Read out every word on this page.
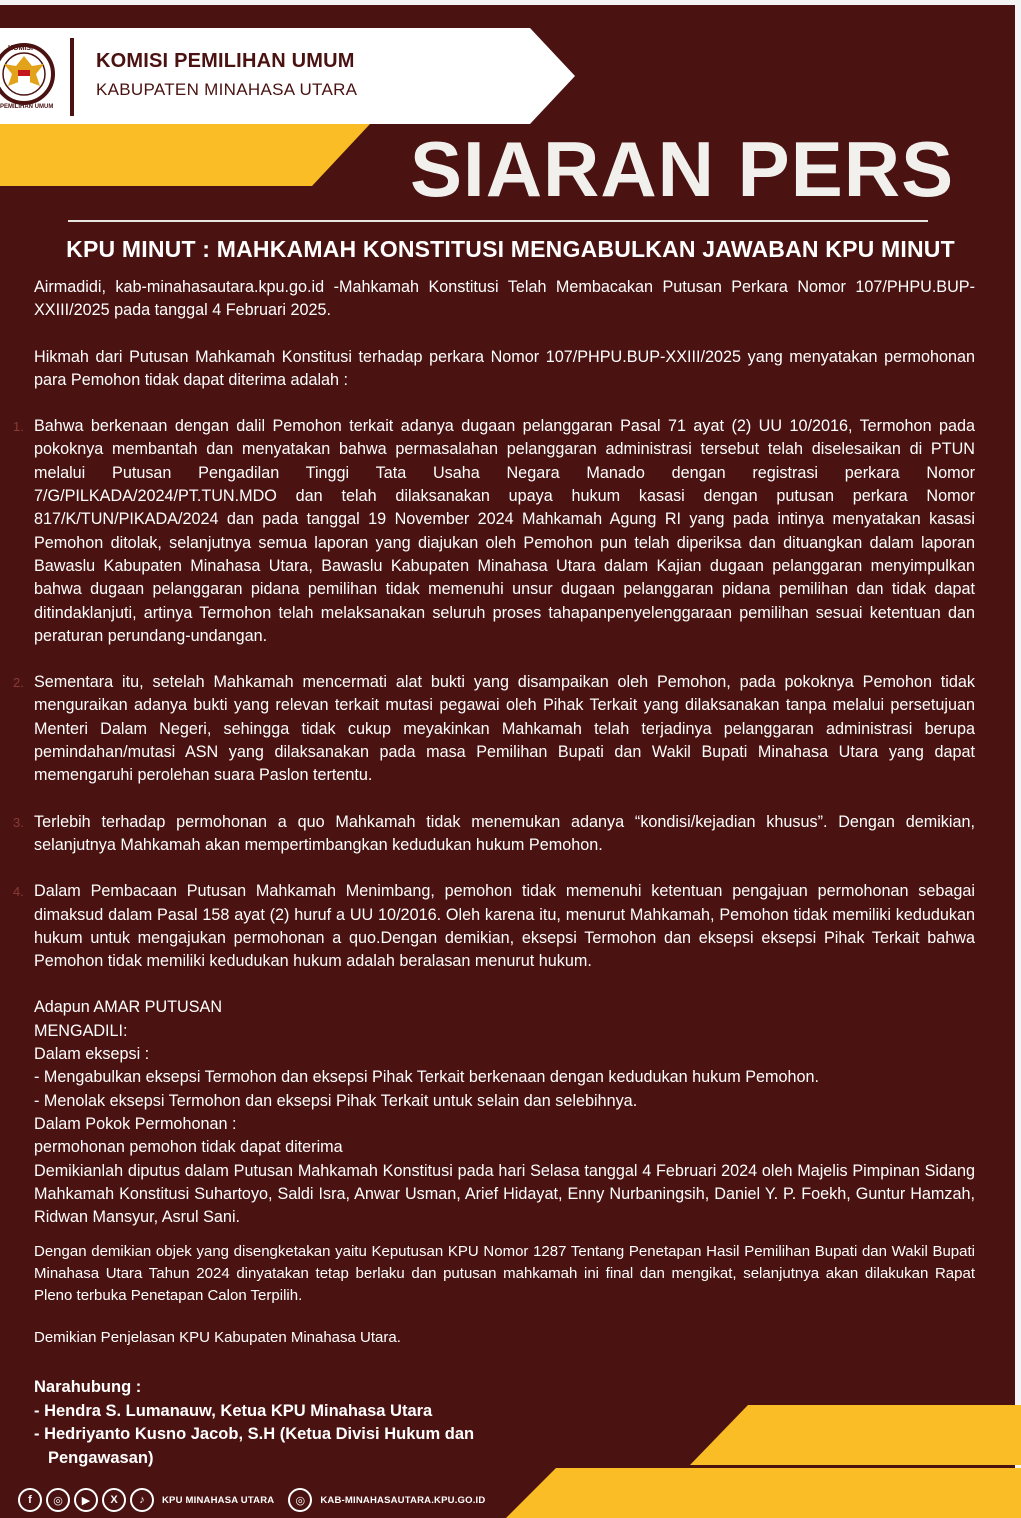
KOMISI
PEMILIHAN UMUM
KOMISI PEMILIHAN UMUM
KABUPATEN MINAHASA UTARA
SIARAN PERS
KPU MINUT : MAHKAMAH KONSTITUSI MENGABULKAN JAWABAN KPU MINUT

Airmadidi, kab-minahasautara.kpu.go.id -Mahkamah Konstitusi Telah Membacakan Putusan Perkara Nomor 107/PHPU.BUP-XXIII/2025 pada tanggal 4 Februari 2025.

Hikmah dari Putusan Mahkamah Konstitusi terhadap perkara Nomor 107/PHPU.BUP-XXIII/2025 yang menyatakan permohonan para Pemohon tidak dapat diterima adalah :

1. Bahwa berkenaan dengan dalil Pemohon terkait adanya dugaan pelanggaran Pasal 71 ayat (2) UU 10/2016, Termohon pada pokoknya membantah dan menyatakan bahwa permasalahan pelanggaran administrasi tersebut telah diselesaikan di PTUN melalui Putusan Pengadilan Tinggi Tata Usaha Negara Manado dengan registrasi perkara Nomor 7/G/PILKADA/2024/PT.TUN.MDO dan telah dilaksanakan upaya hukum kasasi dengan putusan perkara Nomor 817/K/TUN/PIKADA/2024 dan pada tanggal 19 November 2024 Mahkamah Agung RI yang pada intinya menyatakan kasasi Pemohon ditolak, selanjutnya semua laporan yang diajukan oleh Pemohon pun telah diperiksa dan dituangkan dalam laporan Bawaslu Kabupaten Minahasa Utara, Bawaslu Kabupaten Minahasa Utara dalam Kajian dugaan pelanggaran menyimpulkan bahwa dugaan pelanggaran pidana pemilihan tidak memenuhi unsur dugaan pelanggaran pidana pemilihan dan tidak dapat ditindaklanjuti, artinya Termohon telah melaksanakan seluruh proses tahapanpenyelenggaraan pemilihan sesuai ketentuan dan peraturan perundang-undangan.
2. Sementara itu, setelah Mahkamah mencermati alat bukti yang disampaikan oleh Pemohon, pada pokoknya Pemohon tidak menguraikan adanya bukti yang relevan terkait mutasi pegawai oleh Pihak Terkait yang dilaksanakan tanpa melalui persetujuan Menteri Dalam Negeri, sehingga tidak cukup meyakinkan Mahkamah telah terjadinya pelanggaran administrasi berupa pemindahan/mutasi ASN yang dilaksanakan pada masa Pemilihan Bupati dan Wakil Bupati Minahasa Utara yang dapat memengaruhi perolehan suara Paslon tertentu.
3. Terlebih terhadap permohonan a quo Mahkamah tidak menemukan adanya “kondisi/kejadian khusus”. Dengan demikian, selanjutnya Mahkamah akan mempertimbangkan kedudukan hukum Pemohon.
4. Dalam Pembacaan Putusan Mahkamah Menimbang, pemohon tidak memenuhi ketentuan pengajuan permohonan sebagai dimaksud dalam Pasal 158 ayat (2) huruf a UU 10/2016. Oleh karena itu, menurut Mahkamah, Pemohon tidak memiliki kedudukan hukum untuk mengajukan permohonan a quo.Dengan demikian, eksepsi Termohon dan eksepsi eksepsi Pihak Terkait bahwa Pemohon tidak memiliki kedudukan hukum adalah beralasan menurut hukum.

Adapun AMAR PUTUSAN

MENGADILI:

Dalam eksepsi :

- Mengabulkan eksepsi Termohon dan eksepsi Pihak Terkait berkenaan dengan kedudukan hukum Pemohon.

- Menolak eksepsi Termohon dan eksepsi Pihak Terkait untuk selain dan selebihnya.

Dalam Pokok Permohonan :

permohonan pemohon tidak dapat diterima

Demikianlah diputus dalam Putusan Mahkamah Konstitusi pada hari Selasa tanggal 4 Februari 2024 oleh Majelis Pimpinan Sidang Mahkamah Konstitusi Suhartoyo, Saldi Isra, Anwar Usman, Arief Hidayat, Enny Nurbaningsih, Daniel Y. P. Foekh, Guntur Hamzah, Ridwan Mansyur, Asrul Sani.

Dengan demikian objek yang disengketakan yaitu Keputusan KPU Nomor 1287 Tentang Penetapan Hasil Pemilihan Bupati dan Wakil Bupati Minahasa Utara Tahun 2024 dinyatakan tetap berlaku dan putusan mahkamah ini final dan mengikat, selanjutnya akan dilakukan Rapat Pleno terbuka Penetapan Calon Terpilih.

Demikian Penjelasan KPU Kabupaten Minahasa Utara.

Narahubung :
- Hendra S. Lumanauw, Ketua KPU Minahasa Utara
- Hedriyanto Kusno Jacob, S.H (Ketua Divisi Hukum dan
Pengawasan)
f	◎	▶	X	♪	KPU MINAHASA UTARA	◎	KAB-MINAHASAUTARA.KPU.GO.ID
